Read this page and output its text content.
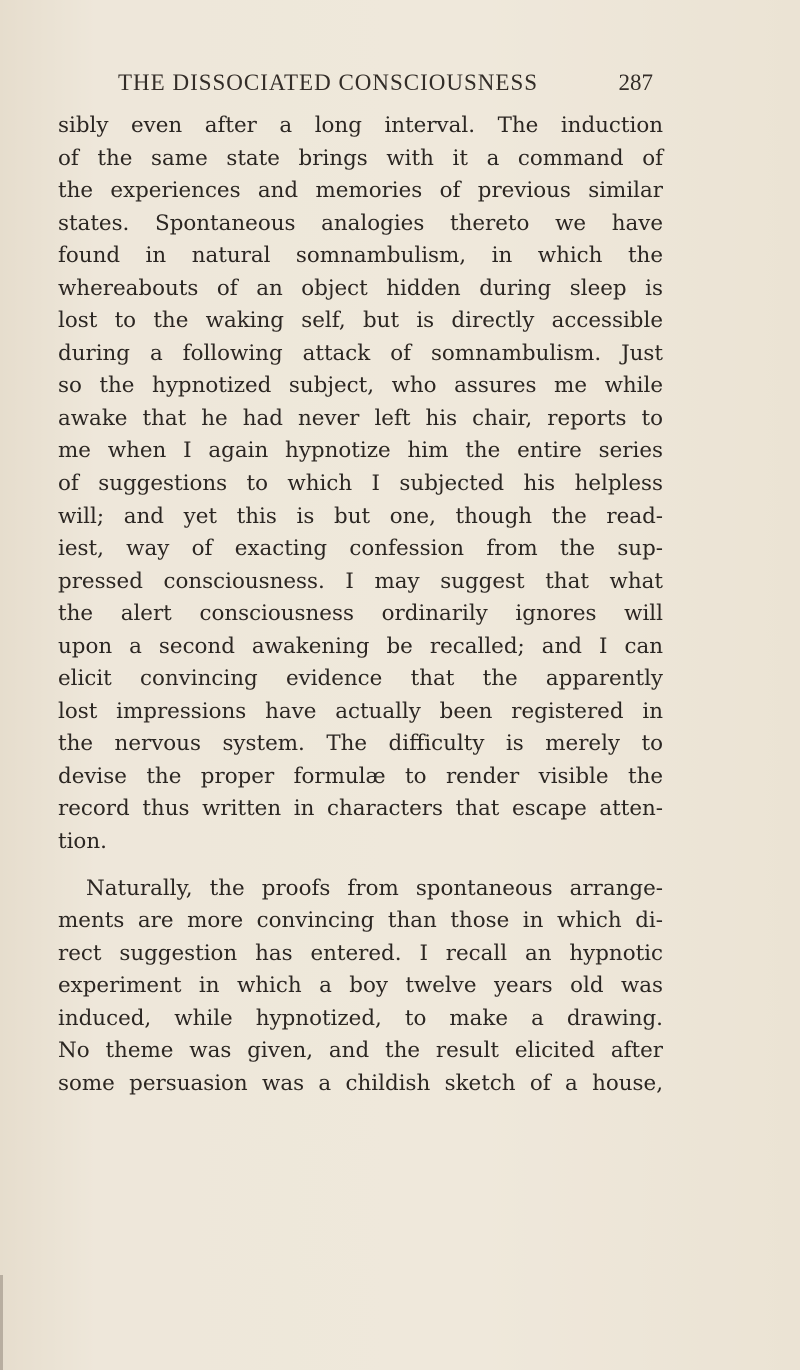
THE DISSOCIATED CONSCIOUSNESS	287

sibly even after a long interval. The induction
of the same state brings with it a command of
the experiences and memories of previous similar
states. Spontaneous analogies thereto we have
found in natural somnambulism, in which the
whereabouts of an object hidden during sleep is
lost to the waking self, but is directly accessible
during a following attack of somnambulism. Just
so the hypnotized subject, who assures me while
awake that he had never left his chair, reports to
me when I again hypnotize him the entire series
of suggestions to which I subjected his helpless
will; and yet this is but one, though the read-
iest, way of exacting confession from the sup-
pressed consciousness. I may suggest that what
the alert consciousness ordinarily ignores will
upon a second awakening be recalled; and I can
elicit convincing evidence that the apparently
lost impressions have actually been registered in
the nervous system. The difficulty is merely to
devise the proper formulæ to render visible the
record thus written in characters that escape atten-
tion.

Naturally, the proofs from spontaneous arrange-
ments are more convincing than those in which di-
rect suggestion has entered. I recall an hypnotic
experiment in which a boy twelve years old was
induced, while hypnotized, to make a drawing.
No theme was given, and the result elicited after
some persuasion was a childish sketch of a house,
